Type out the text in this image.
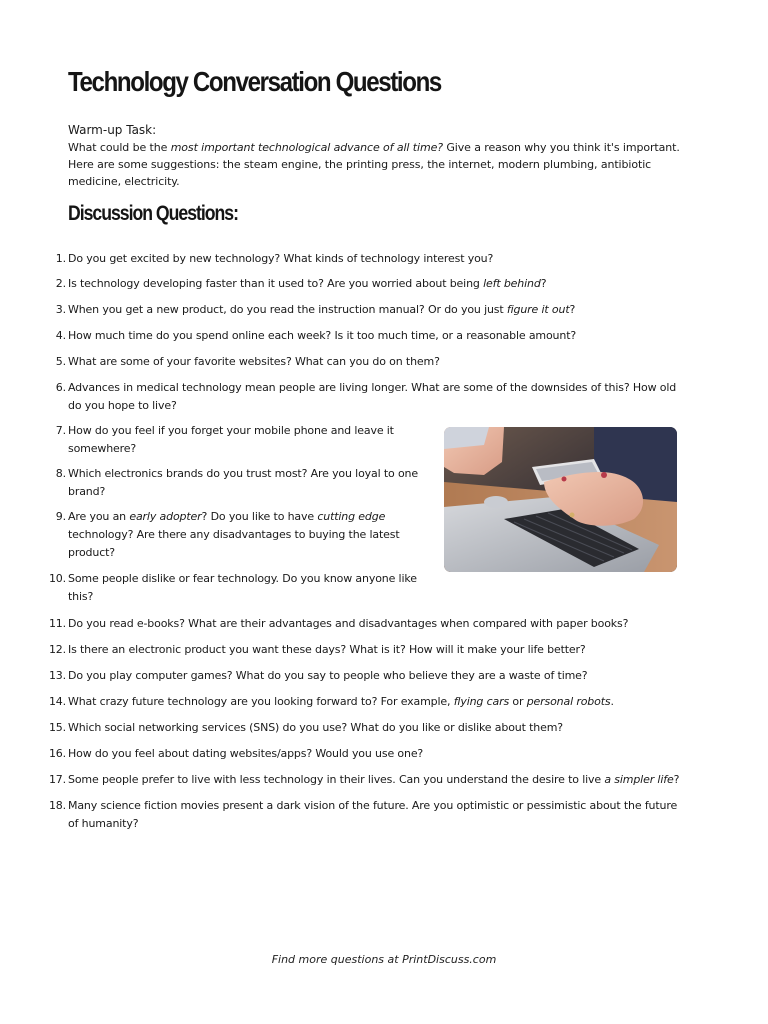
Technology Conversation Questions
Warm-up Task:
What could be the most important technological advance of all time? Give a reason why you think it's important. Here are some suggestions: the steam engine, the printing press, the internet, modern plumbing, antibiotic medicine, electricity.
Discussion Questions:
1. Do you get excited by new technology? What kinds of technology interest you?
2. Is technology developing faster than it used to? Are you worried about being left behind?
3. When you get a new product, do you read the instruction manual? Or do you just figure it out?
4. How much time do you spend online each week? Is it too much time, or a reasonable amount?
5. What are some of your favorite websites? What can you do on them?
6. Advances in medical technology mean people are living longer. What are some of the downsides of this? How old do you hope to live?
7. How do you feel if you forget your mobile phone and leave it somewhere?
8. Which electronics brands do you trust most? Are you loyal to one brand?
9. Are you an early adopter? Do you like to have cutting edge technology? Are there any disadvantages to buying the latest product?
10. Some people dislike or fear technology. Do you know anyone like this?
11. Do you read e-books? What are their advantages and disadvantages when compared with paper books?
12. Is there an electronic product you want these days? What is it? How will it make your life better?
13. Do you play computer games? What do you say to people who believe they are a waste of time?
14. What crazy future technology are you looking forward to? For example, flying cars or personal robots.
15. Which social networking services (SNS) do you use? What do you like or dislike about them?
16. How do you feel about dating websites/apps? Would you use one?
17. Some people prefer to live with less technology in their lives. Can you understand the desire to live a simpler life?
18. Many science fiction movies present a dark vision of the future. Are you optimistic or pessimistic about the future of humanity?
Find more questions at PrintDiscuss.com
